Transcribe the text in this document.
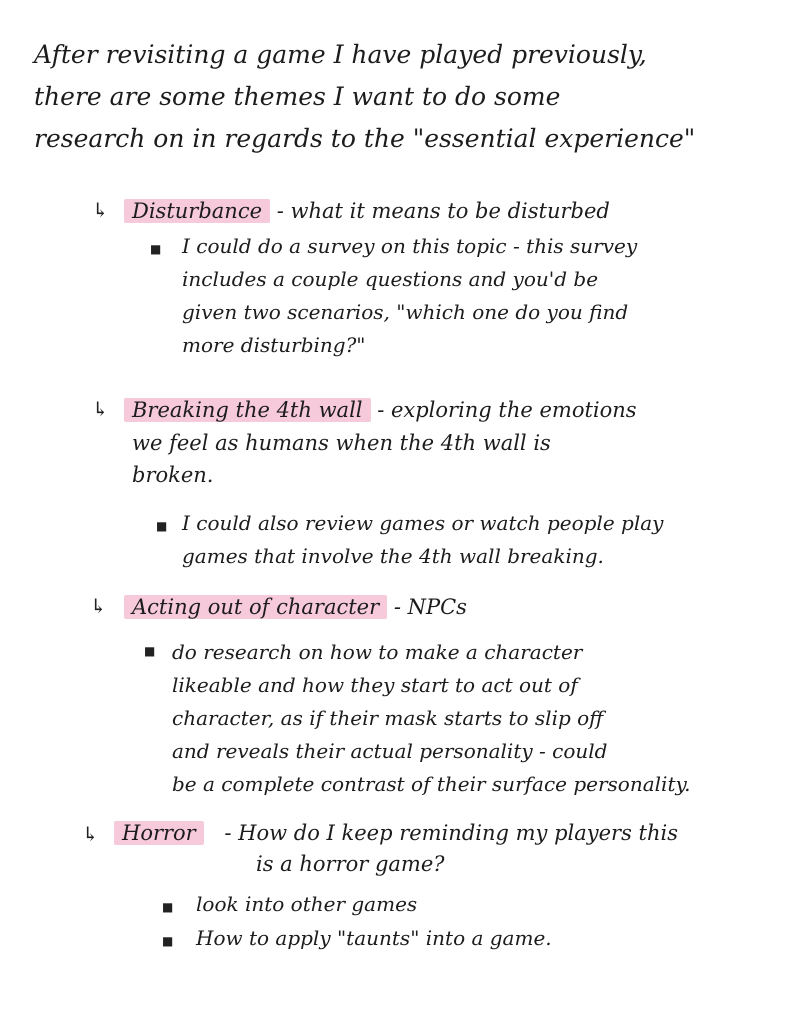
After revisiting a game I have played previously,
there are some themes I want to do some
research on in regards to the "essential experience"
↳	Disturbance - what it means to be disturbed
■ I could do a survey on this topic - this survey
includes a couple questions and you'd be
given two scenarios, "which one do you find
more disturbing?"
↳	Breaking the 4th wall - exploring the emotions
we feel as humans when the 4th wall is
broken.
■ I could also review games or watch people play
games that involve the 4th wall breaking.
↳	Acting out of character - NPCs
■ do research on how to make a character
likeable and how they start to act out of
character, as if their mask starts to slip off
and reveals their actual personality - could
be a complete contrast of their surface personality.
↳	Horror - How do I keep reminding my players this
is a horror game?
■ look into other games
■ How to apply "taunts" into a game.
